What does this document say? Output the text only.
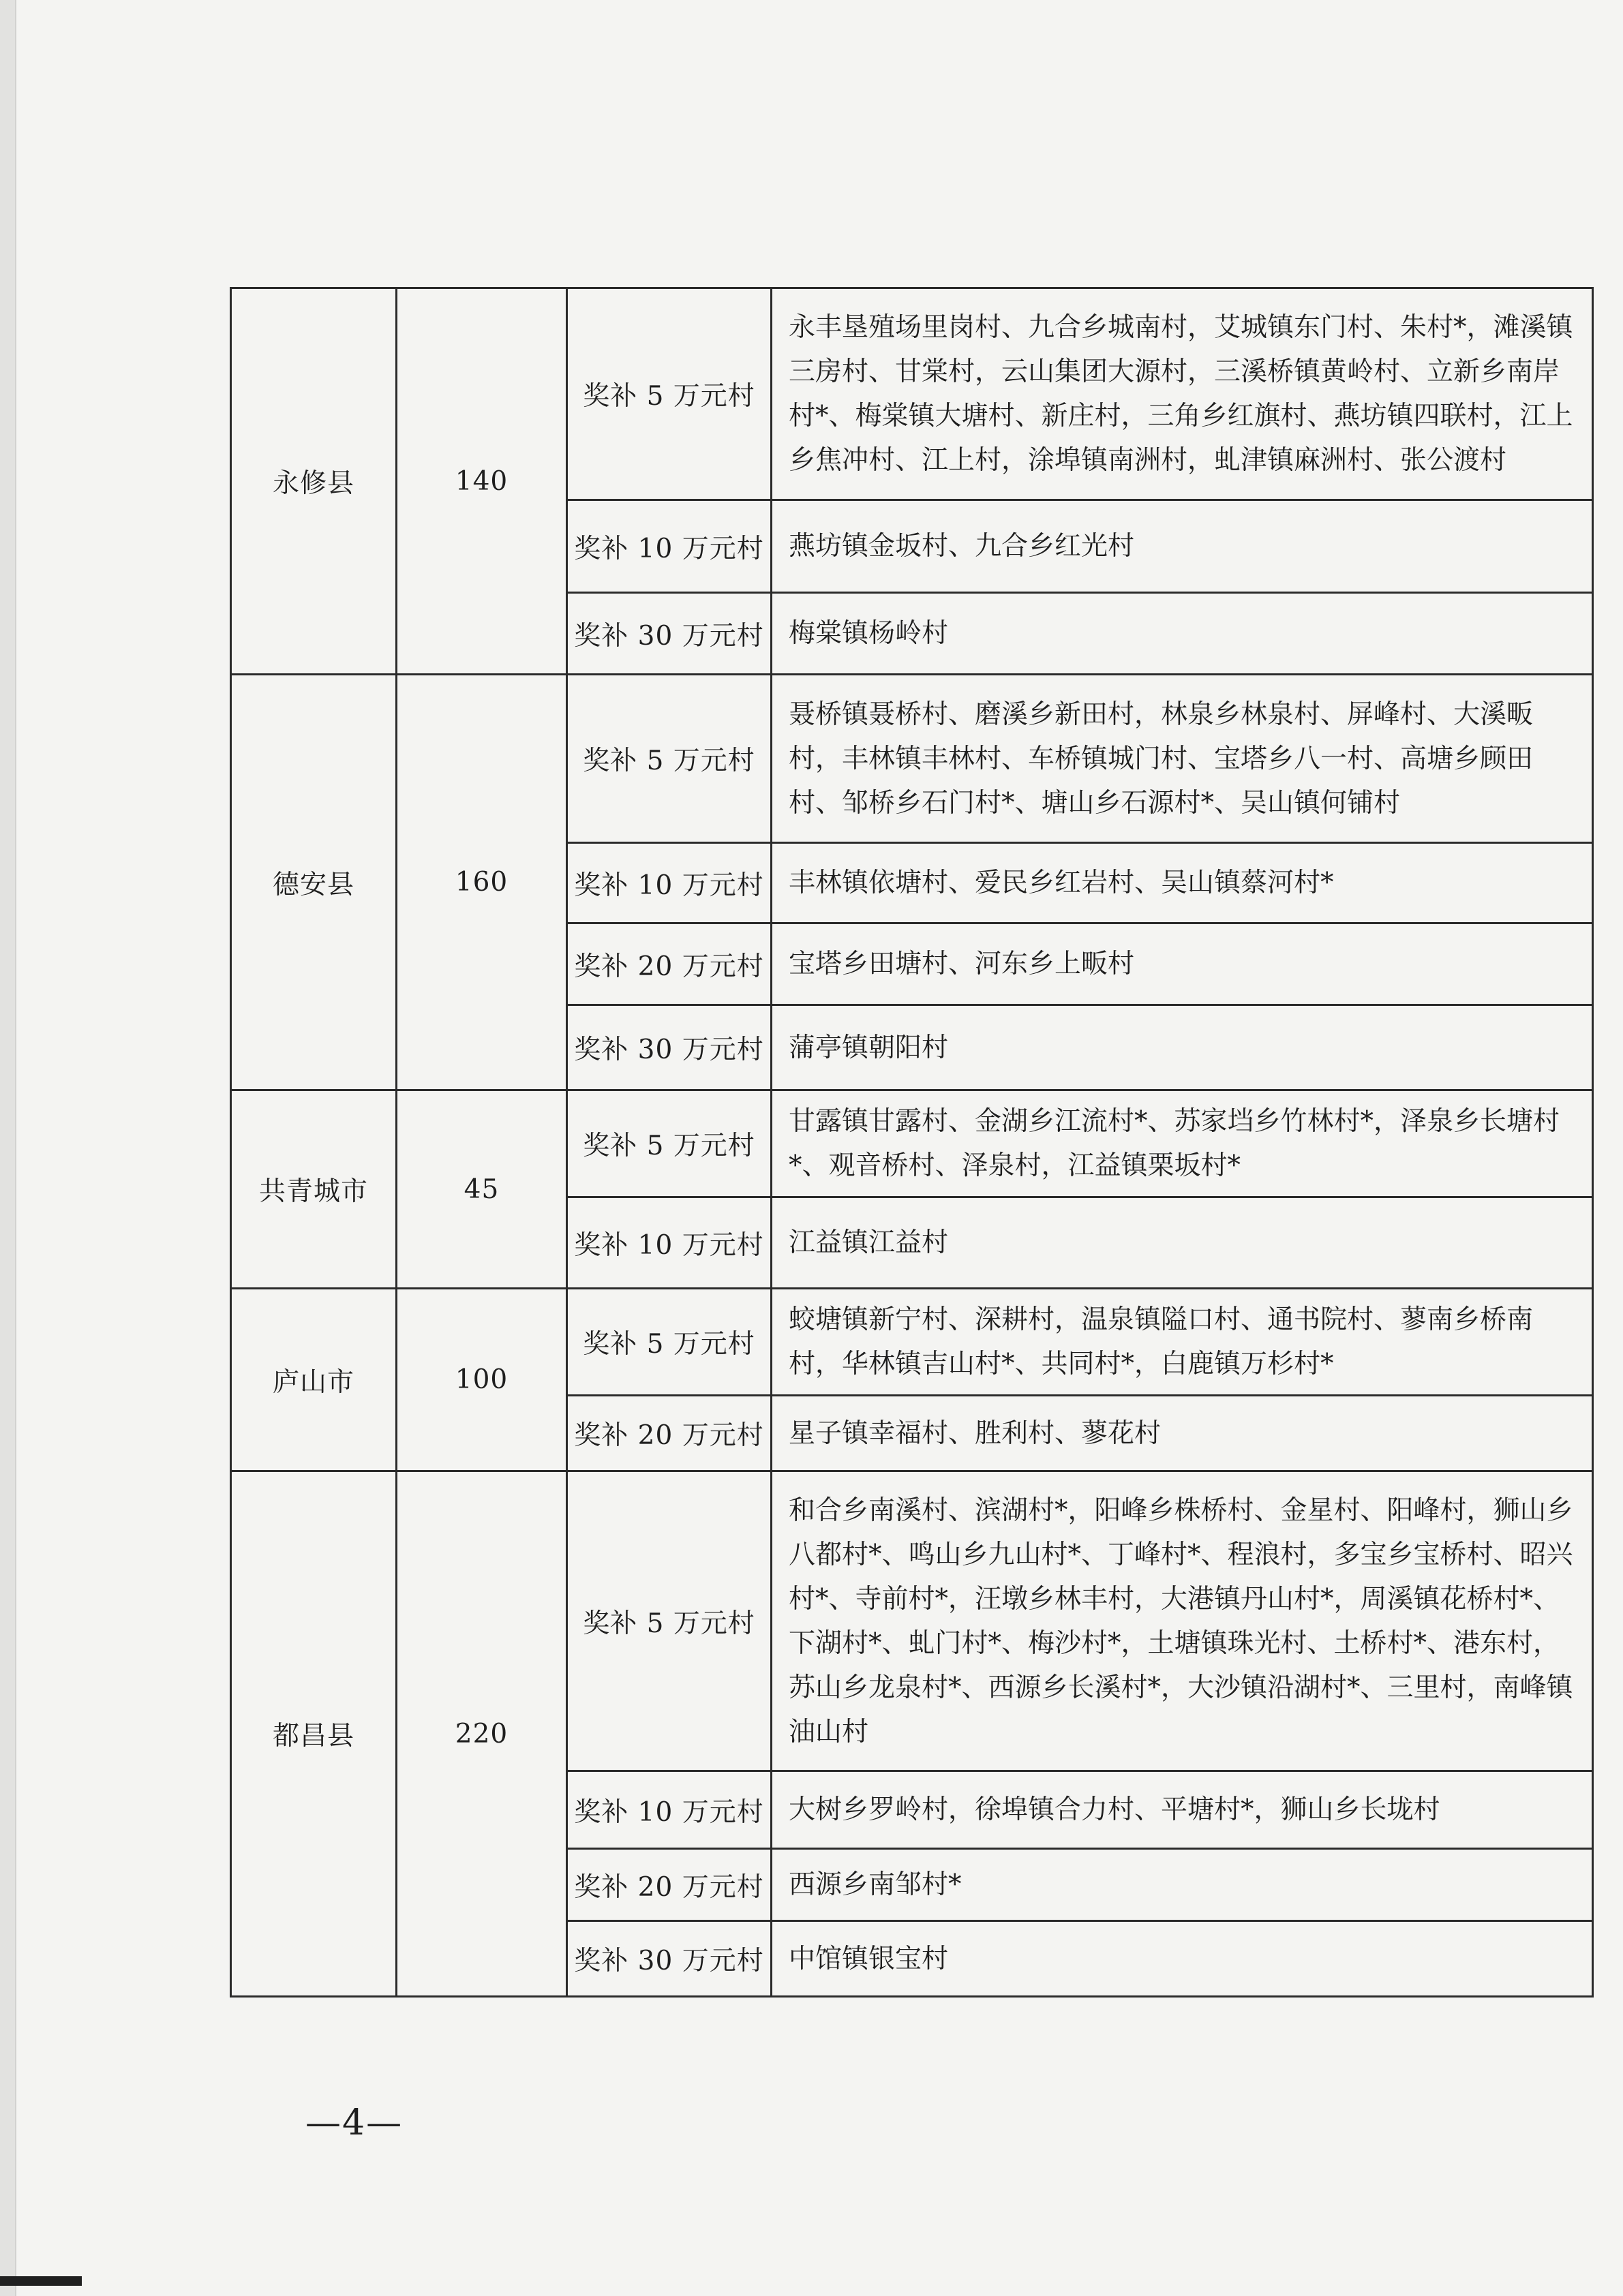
永修县	140	奖补 5 万元村	永丰垦殖场里岗村、九合乡城南村，艾城镇东门村、朱村*，滩溪镇三房村、甘棠村，云山集团大源村，三溪桥镇黄岭村、立新乡南岸村*、梅棠镇大塘村、新庄村，三角乡红旗村、燕坊镇四联村，江上乡焦冲村、江上村，涂埠镇南洲村，虬津镇麻洲村、张公渡村
		奖补 10 万元村	燕坊镇金坂村、九合乡红光村
		奖补 30 万元村	梅棠镇杨岭村
德安县	160	奖补 5 万元村	聂桥镇聂桥村、磨溪乡新田村，林泉乡林泉村、屏峰村、大溪畈村，丰林镇丰林村、车桥镇城门村、宝塔乡八一村、高塘乡顾田村、邹桥乡石门村*、塘山乡石源村*、吴山镇何铺村
		奖补 10 万元村	丰林镇依塘村、爱民乡红岩村、吴山镇蔡河村*
		奖补 20 万元村	宝塔乡田塘村、河东乡上畈村
		奖补 30 万元村	蒲亭镇朝阳村
共青城市	45	奖补 5 万元村	甘露镇甘露村、金湖乡江流村*、苏家垱乡竹林村*，泽泉乡长塘村*、观音桥村、泽泉村，江益镇栗坂村*
		奖补 10 万元村	江益镇江益村
庐山市	100	奖补 5 万元村	蛟塘镇新宁村、深耕村，温泉镇隘口村、通书院村、蓼南乡桥南村，华林镇吉山村*、共同村*，白鹿镇万杉村*
		奖补 20 万元村	星子镇幸福村、胜利村、蓼花村
都昌县	220	奖补 5 万元村	和合乡南溪村、滨湖村*，阳峰乡株桥村、金星村、阳峰村，狮山乡八都村*、鸣山乡九山村*、丁峰村*、程浪村，多宝乡宝桥村、昭兴村*、寺前村*，汪墩乡林丰村，大港镇丹山村*，周溪镇花桥村*、下湖村*、虬门村*、梅沙村*，土塘镇珠光村、土桥村*、港东村，苏山乡龙泉村*、西源乡长溪村*，大沙镇沿湖村*、三里村，南峰镇油山村
		奖补 10 万元村	大树乡罗岭村，徐埠镇合力村、平塘村*，狮山乡长垅村
		奖补 20 万元村	西源乡南邹村*
		奖补 30 万元村	中馆镇银宝村
—4—
